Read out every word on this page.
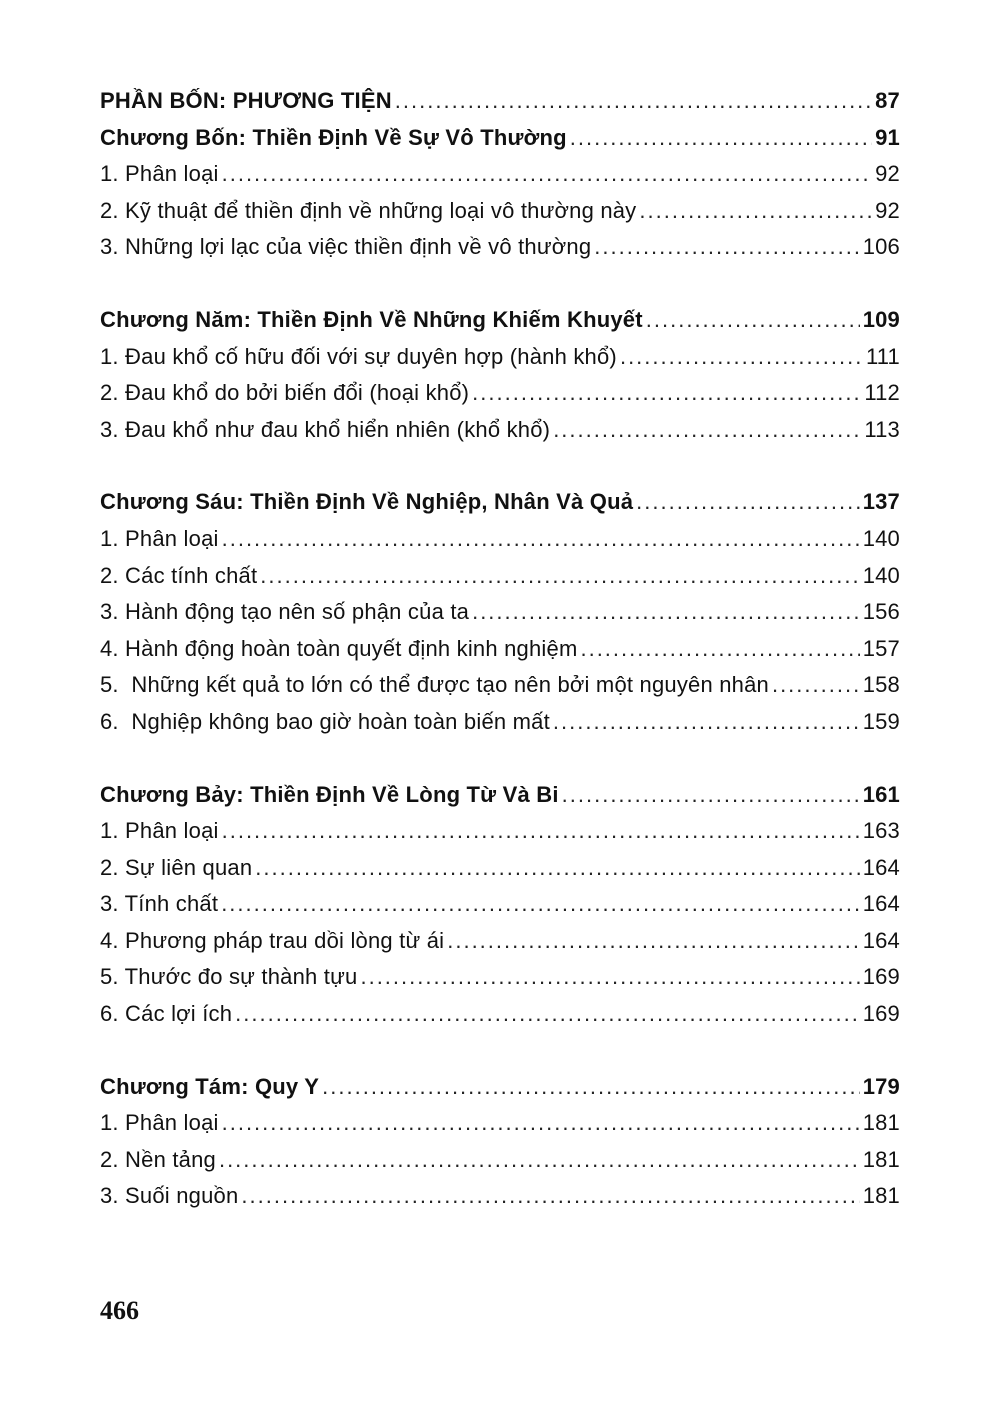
PHẦN BỐN: PHƯƠNG TIỆN .....	87
Chương Bốn: Thiền Định Về Sự Vô Thường .....	91
1. Phân loại .....	92
2. Kỹ thuật để thiền định về những loại vô thường này .....	92
3. Những lợi lạc của việc thiền định về vô thường .....	106
Chương Năm: Thiền Định Về Những Khiếm Khuyết .....	109
1. Đau khổ cố hữu đối với sự duyên hợp (hành khổ) .....	111
2. Đau khổ do bởi biến đổi (hoại khổ) .....	112
3. Đau khổ như đau khổ hiển nhiên (khổ khổ) .....	113
Chương Sáu: Thiền Định Về Nghiệp, Nhân Và Quả .....	137
1. Phân loại .....	140
2. Các tính chất .....	140
3. Hành động tạo nên số phận của ta .....	156
4. Hành động hoàn toàn quyết định kinh nghiệm .....	157
5.  Những kết quả to lớn có thể được tạo nên bởi một nguyên nhân .....	158
6.  Nghiệp không bao giờ hoàn toàn biến mất .....	159
Chương Bảy: Thiền Định Về Lòng Từ Và Bi .....	161
1. Phân loại .....	163
2. Sự liên quan .....	164
3. Tính chất .....	164
4. Phương pháp trau dồi lòng từ ái .....	164
5. Thước đo sự thành tựu .....	169
6. Các lợi ích .....	169
Chương Tám: Quy Y .....	179
1. Phân loại .....	181
2. Nền tảng .....	181
3. Suối nguồn .....	181
466
